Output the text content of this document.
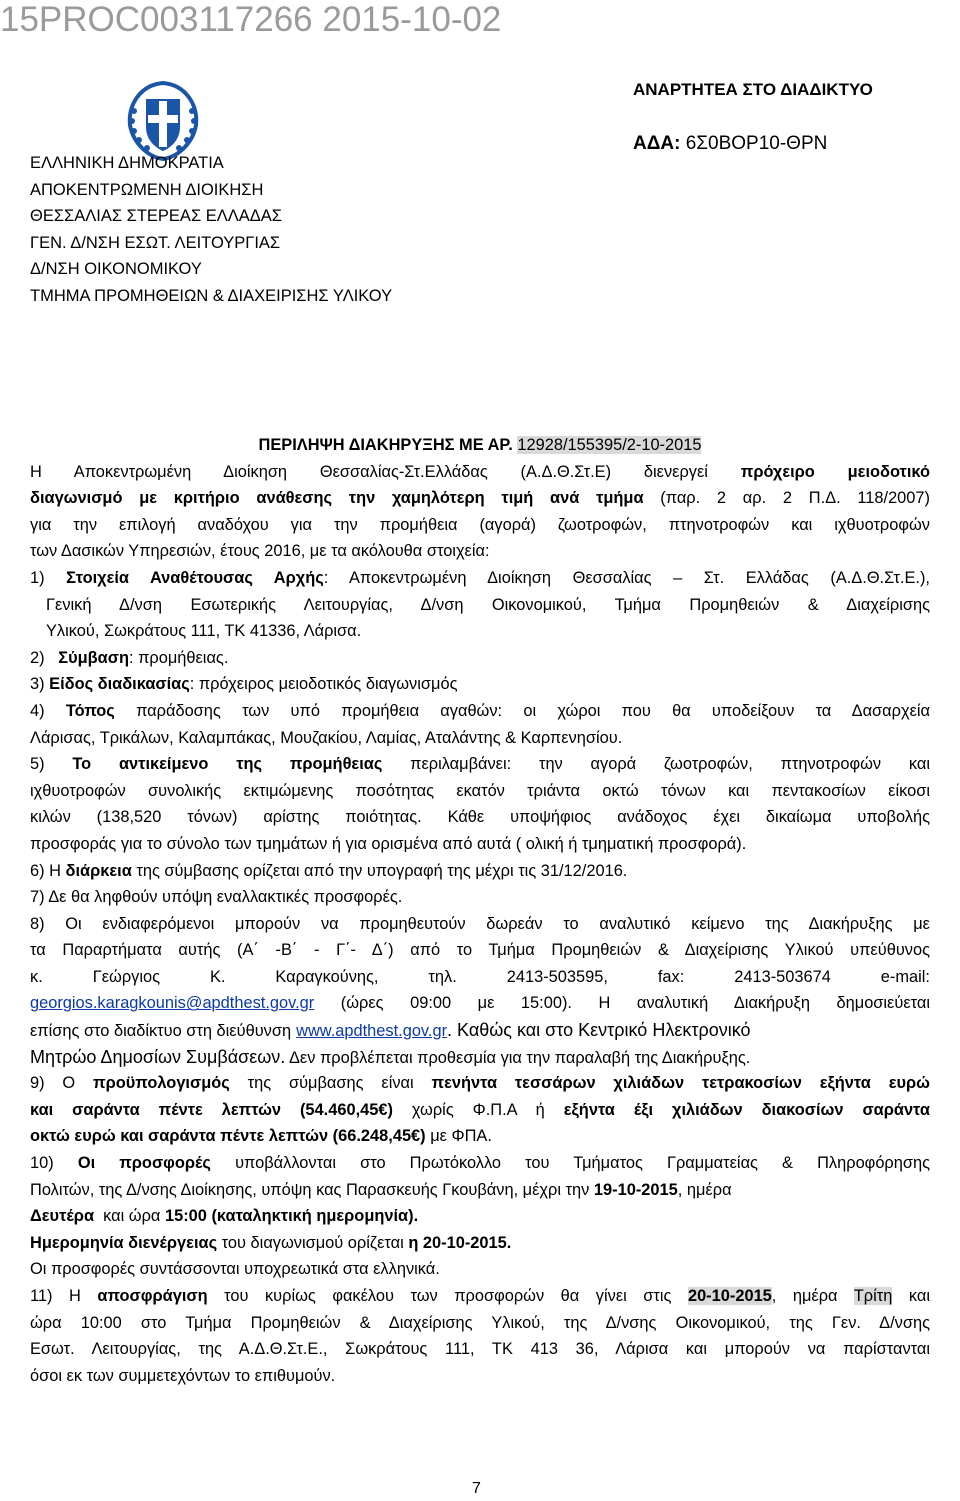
15PROC003117266 2015-10-02
ΕΛΛΗΝΙΚΗ ΔΗΜΟΚΡΑΤΙΑ
ΑΠΟΚΕΝΤΡΩΜΕΝΗ ΔΙΟΙΚΗΣΗ
ΘΕΣΣΑΛΙΑΣ ΣΤΕΡΕΑΣ ΕΛΛΑΔΑΣ
ΓΕΝ. Δ/ΝΣΗ ΕΣΩΤ. ΛΕΙΤΟΥΡΓΙΑΣ
Δ/ΝΣΗ ΟΙΚΟΝΟΜΙΚΟΥ
ΤΜΗΜΑ ΠΡΟΜΗΘΕΙΩΝ & ΔΙΑΧΕΙΡΙΣΗΣ ΥΛΙΚΟΥ
ΑΝΑΡΤΗΤΕΑ ΣΤΟ ΔΙΑΔΙΚΤΥΟ
ΑΔΑ: 6Σ0ΒΟΡ10-ΘΡΝ
ΠΕΡΙΛΗΨΗ ΔΙΑΚΗΡΥΞΗΣ ΜΕ ΑΡ. 12928/155395/2-10-2015
Η Αποκεντρωμένη Διοίκηση Θεσσαλίας-Στ.Ελλάδας (Α.Δ.Θ.Στ.Ε) διενεργεί πρόχειρο μειοδοτικό
διαγωνισμό με κριτήριο ανάθεσης την χαμηλότερη τιμή ανά τμήμα (παρ. 2 αρ. 2 Π.Δ. 118/2007)
για την επιλογή αναδόχου για την προμήθεια (αγορά) ζωοτροφών, πτηνοτροφών και ιχθυοτροφών
των Δασικών Υπηρεσιών, έτους 2016, με τα ακόλουθα στοιχεία:
1) Στοιχεία Αναθέτουσας Αρχής: Αποκεντρωμένη Διοίκηση Θεσσαλίας – Στ. Ελλάδας (Α.Δ.Θ.Στ.Ε.),
Γενική Δ/νση Εσωτερικής Λειτουργίας, Δ/νση Οικονομικού, Τμήμα Προμηθειών & Διαχείρισης
Υλικού, Σωκράτους 111, ΤΚ 41336, Λάρισα.
2) Σύμβαση: προμήθειας.
3) Είδος διαδικασίας: πρόχειρος μειοδοτικός διαγωνισμός
4) Τόπος παράδοσης των υπό προμήθεια αγαθών: οι χώροι που θα υποδείξουν τα Δασαρχεία
Λάρισας, Τρικάλων, Καλαμπάκας, Μουζακίου, Λαμίας, Αταλάντης & Καρπενησίου.
5) Το αντικείμενο της προμήθειας περιλαμβάνει: την αγορά ζωοτροφών, πτηνοτροφών και
ιχθυοτροφών συνολικής εκτιμώμενης ποσότητας εκατόν τριάντα οκτώ τόνων και πεντακοσίων είκοσι
κιλών (138,520 τόνων) αρίστης ποιότητας. Κάθε υποψήφιος ανάδοχος έχει δικαίωμα υποβολής
προσφοράς για το σύνολο των τμημάτων ή για ορισμένα από αυτά ( ολική ή τμηματική προσφορά).
6) Η διάρκεια της σύμβασης ορίζεται από την υπογραφή της μέχρι τις 31/12/2016.
7) Δε θα ληφθούν υπόψη εναλλακτικές προσφορές.
8) Οι ενδιαφερόμενοι μπορούν να προμηθευτούν δωρεάν το αναλυτικό κείμενο της Διακήρυξης με
τα Παραρτήματα αυτής (Α΄ -Β΄ - Γ΄- Δ΄) από το Τμήμα Προμηθειών & Διαχείρισης Υλικού υπεύθυνος
κ. Γεώργιος Κ. Καραγκούνης, τηλ. 2413-503595, fax: 2413-503674 e-mail:
georgios.karagkounis@apdthest.gov.gr (ώρες 09:00 με 15:00). Η αναλυτική Διακήρυξη δημοσιεύεται
επίσης στο διαδίκτυο στη διεύθυνση www.apdthest.gov.gr. Καθώς και στο Κεντρικό Ηλεκτρονικό
Μητρώο Δημοσίων Συμβάσεων. Δεν προβλέπεται προθεσμία για την παραλαβή της Διακήρυξης.
9) Ο προϋπολογισμός της σύμβασης είναι πενήντα τεσσάρων χιλιάδων τετρακοσίων εξήντα ευρώ
και σαράντα πέντε λεπτών (54.460,45€) χωρίς Φ.Π.Α ή εξήντα έξι χιλιάδων διακοσίων σαράντα
οκτώ ευρώ και σαράντα πέντε λεπτών (66.248,45€) με ΦΠΑ.
10) Οι προσφορές υποβάλλονται στο Πρωτόκολλο του Τμήματος Γραμματείας & Πληροφόρησης
Πολιτών, της Δ/νσης Διοίκησης, υπόψη κας Παρασκευής Γκουβάνη, μέχρι την 19-10-2015, ημέρα
Δευτέρα και ώρα 15:00 (καταληκτική ημερομηνία).
Ημερομηνία διενέργειας του διαγωνισμού ορίζεται η 20-10-2015.
Οι προσφορές συντάσσονται υποχρεωτικά στα ελληνικά.
11) Η αποσφράγιση του κυρίως φακέλου των προσφορών θα γίνει στις 20-10-2015, ημέρα Τρίτη και
ώρα 10:00 στο Τμήμα Προμηθειών & Διαχείρισης Υλικού, της Δ/νσης Οικονομικού, της Γεν. Δ/νσης
Εσωτ. Λειτουργίας, της Α.Δ.Θ.Στ.Ε., Σωκράτους 111, ΤΚ 413 36, Λάρισα και μπορούν να παρίστανται
όσοι εκ των συμμετεχόντων το επιθυμούν.
7
